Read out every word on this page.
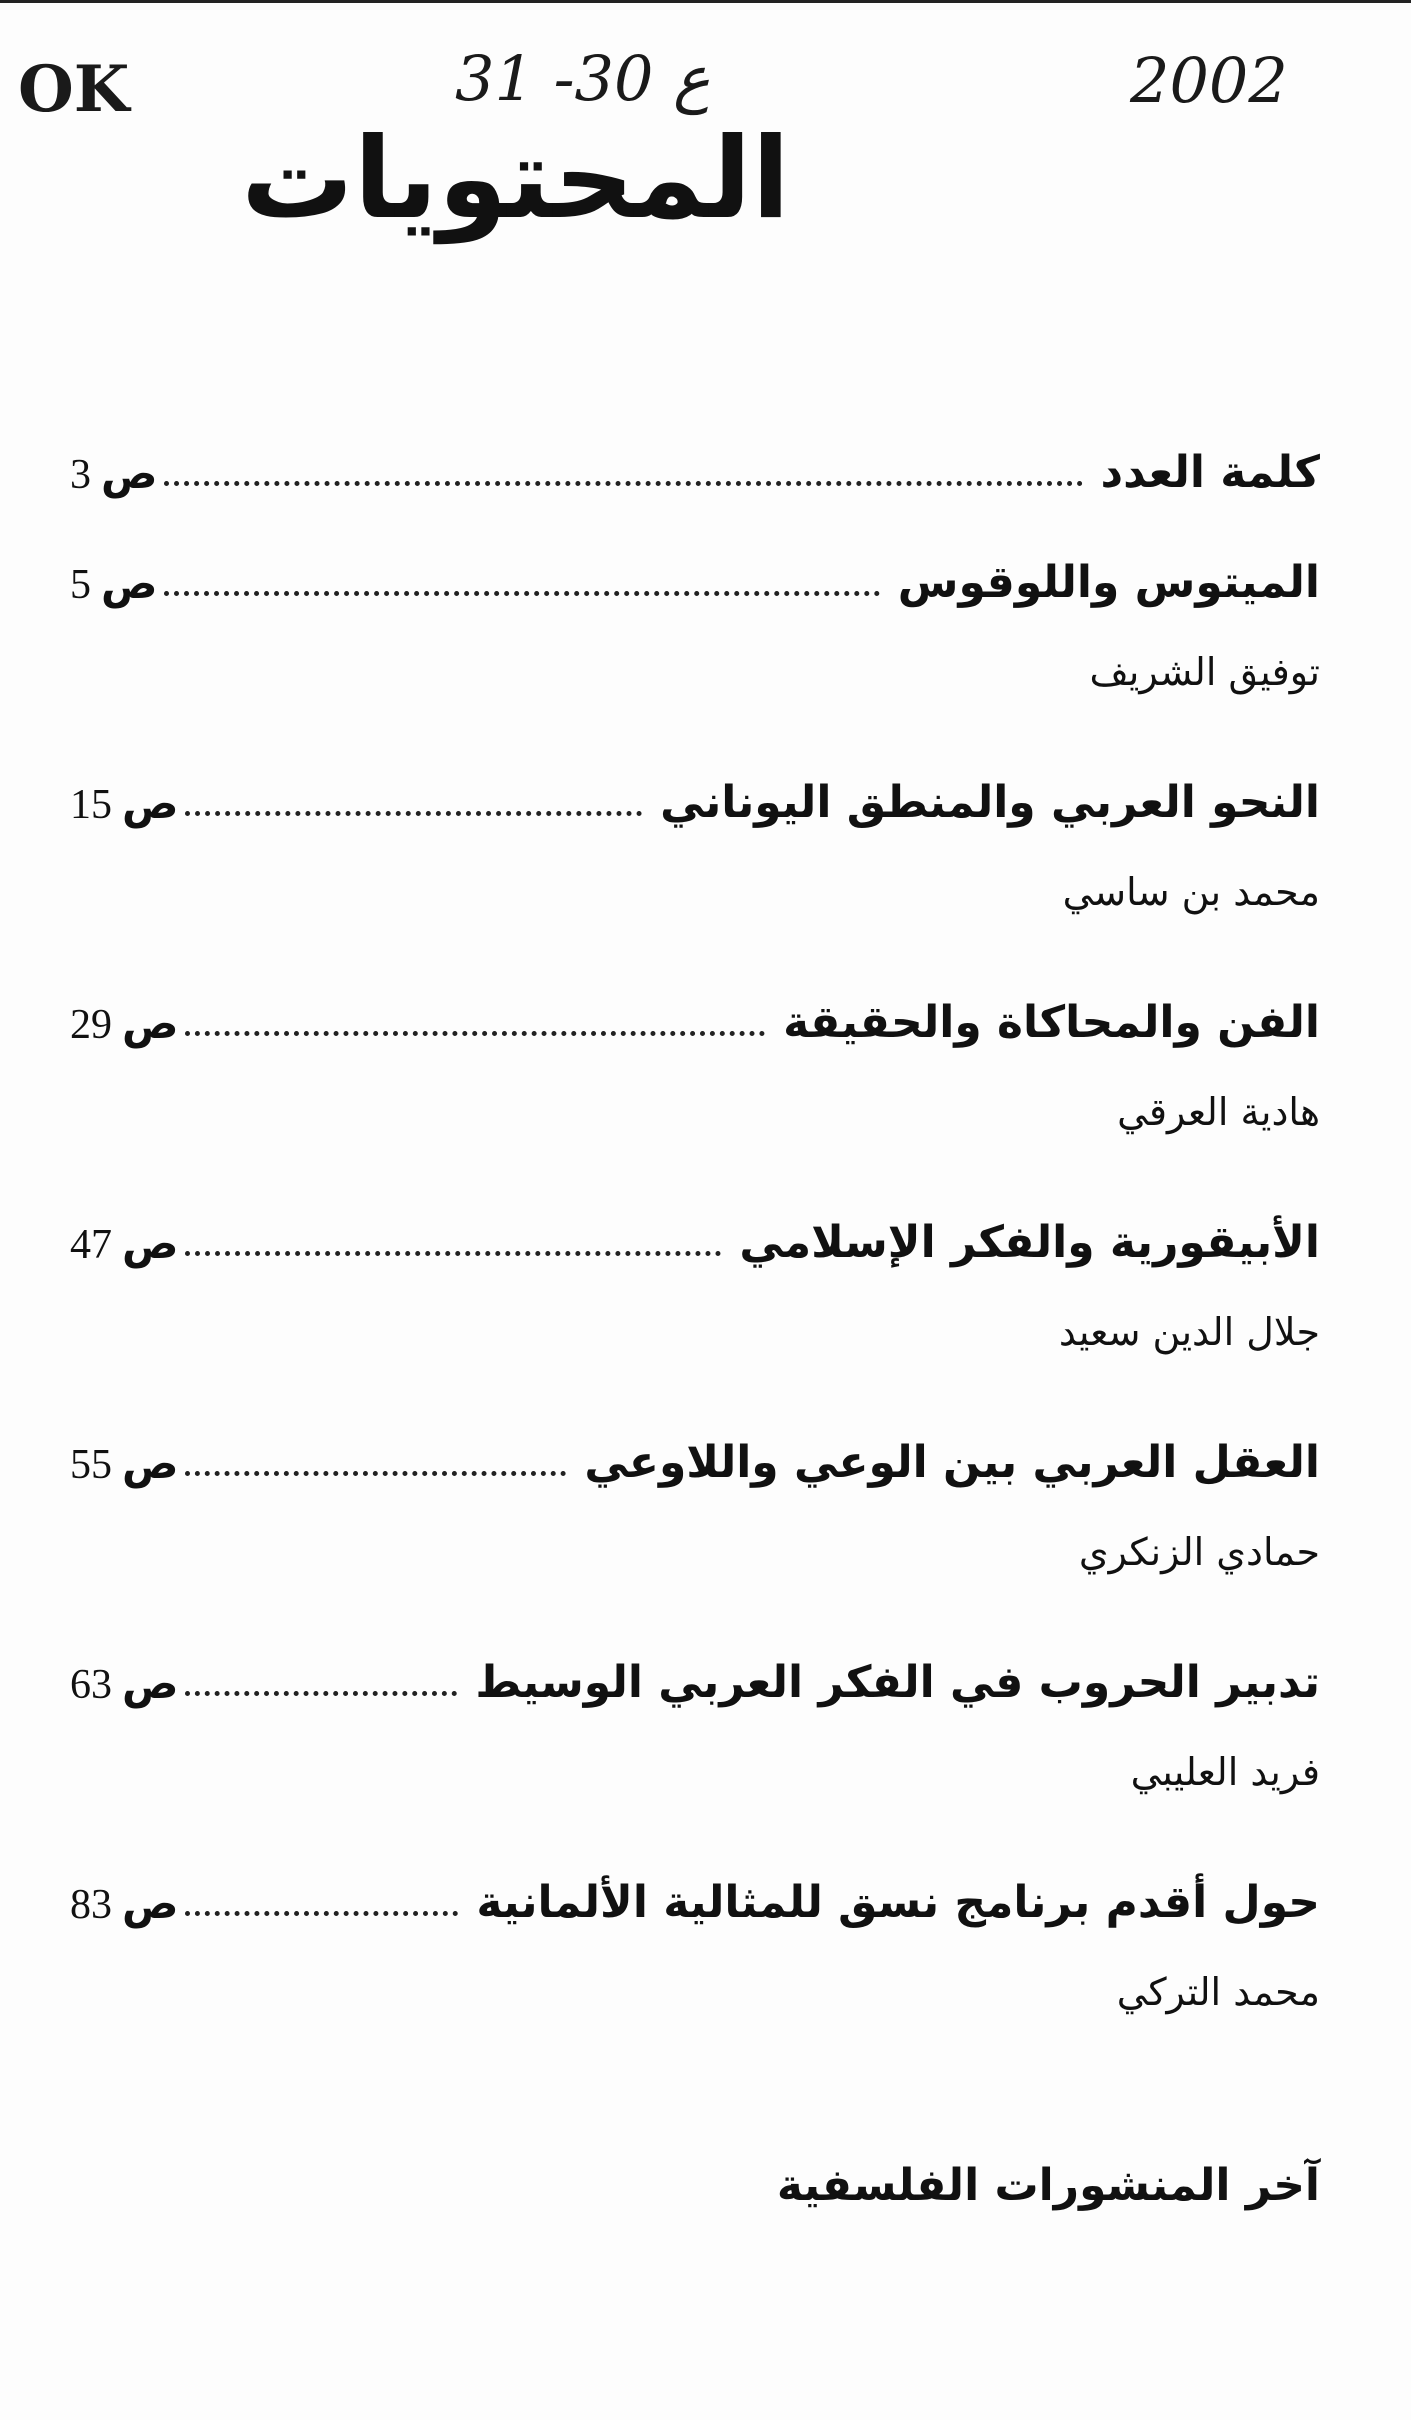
OK	31 -30 ع	2002
المحتويات
كلمة العدد
ص3
الميتوس واللوقوس
ص5
توفيق الشريف
النحو العربي والمنطق اليوناني
ص15
محمد بن ساسي
الفن والمحاكاة والحقيقة
ص29
هادية العرقي
الأبيقورية والفكر الإسلامي
ص47
جلال الدين سعيد
العقل العربي بين الوعي واللاوعي
ص55
حمادي الزنكري
تدبير الحروب في الفكر العربي الوسيط
ص63
فريد العليبي
حول أقدم برنامج نسق للمثالية الألمانية
ص83
محمد التركي
آخر المنشورات الفلسفية
